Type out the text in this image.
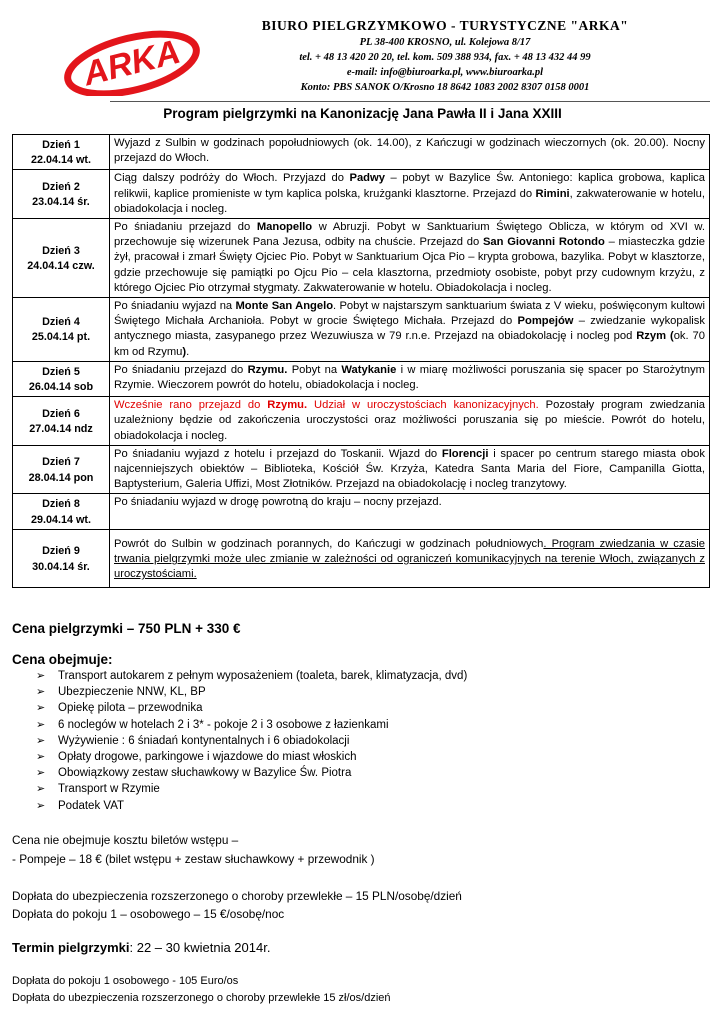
ARKA
BIURO PIELGRZYMKOWO - TURYSTYCZNE "ARKA"
PL 38-400 KROSNO, ul. Kolejowa 8/17
tel. + 48 13 420 20 20, tel. kom. 509 388 934, fax. + 48 13 432 44 99
e-mail: info@biuroarka.pl, www.biuroarka.pl
Konto: PBS SANOK O/Krosno 18 8642 1083 2002 8307 0158 0001
Program pielgrzymki na Kanonizację Jana Pawła II i Jana XXIII
Dzień 1
22.04.14 wt.	Wyjazd z Sulbin w godzinach popołudniowych (ok. 14.00), z Kańczugi w godzinach wieczornych (ok. 20.00). Nocny przejazd do Włoch.

Dzień 2
23.04.14 śr.	Ciąg dalszy podróży do Włoch. Przyjazd do Padwy – pobyt w Bazylice Św. Antoniego: kaplica grobowa, kaplica relikwii, kaplice promieniste w tym kaplica polska, krużganki klasztorne. Przejazd do Rimini, zakwaterowanie w hotelu, obiadokolacja i nocleg.

Dzień 3
24.04.14 czw.	Po śniadaniu przejazd do Manopello w Abruzji. Pobyt w Sanktuarium Świętego Oblicza, w którym od XVI w. przechowuje się wizerunek Pana Jezusa, odbity na chuście. Przejazd do San Giovanni Rotondo – miasteczka gdzie żył, pracował i zmarł Święty Ojciec Pio. Pobyt w Sanktuarium Ojca Pio – krypta grobowa, bazylika. Pobyt w klasztorze, gdzie przechowuje się pamiątki po Ojcu Pio – cela klasztorna, przedmioty osobiste, pobyt przy cudownym krzyżu, z którego Ojciec Pio otrzymał stygmaty. Zakwaterowanie w hotelu. Obiadokolacja i nocleg.

Dzień 4
25.04.14 pt.	Po śniadaniu wyjazd na Monte San Angelo. Pobyt w najstarszym sanktuarium świata z V wieku, poświęconym kultowi Świętego Michała Archanioła. Pobyt w grocie Świętego Michała. Przejazd do Pompejów – zwiedzanie wykopalisk antycznego miasta, zasypanego przez Wezuwiusza w 79 r.n.e. Przejazd na obiadokolację i nocleg pod Rzym (ok. 70 km od Rzymu).

Dzień 5
26.04.14 sob	Po śniadaniu przejazd do Rzymu. Pobyt na Watykanie i w miarę możliwości poruszania się spacer po Starożytnym Rzymie. Wieczorem powrót do hotelu, obiadokolacja i nocleg.

Dzień 6
27.04.14 ndz	Wcześnie rano przejazd do Rzymu. Udział w uroczystościach kanonizacyjnych. Pozostały program zwiedzania uzależniony będzie od zakończenia uroczystości oraz możliwości poruszania się po mieście. Powrót do hotelu, obiadokolacja i nocleg.

Dzień 7
28.04.14 pon	Po śniadaniu wyjazd z hotelu i przejazd do Toskanii. Wjazd do Florencji i spacer po centrum starego miasta obok najcenniejszych obiektów – Biblioteka, Kościół Św. Krzyża, Katedra Santa Maria del Fiore, Campanilla Giotta, Baptysterium, Galeria Uffizi, Most Złotników. Przejazd na obiadokolację i nocleg tranzytowy.

Dzień 8
29.04.14 wt.	Po śniadaniu wyjazd w drogę powrotną do kraju – nocny przejazd.

Dzień 9
30.04.14 śr.	Powrót do Sulbin w godzinach porannych, do Kańczugi w godzinach południowych. Program zwiedzania w czasie trwania pielgrzymki może ulec zmianie w zależności od ograniczeń komunikacyjnych na terenie Włoch, związanych z uroczystościami.
Cena pielgrzymki – 750 PLN + 330 €
Cena obejmuje:
➢ Transport autokarem z pełnym wyposażeniem (toaleta, barek, klimatyzacja, dvd)
➢ Ubezpieczenie NNW, KL, BP
➢ Opiekę pilota – przewodnika
➢ 6 noclegów w hotelach 2 i 3* - pokoje 2 i 3 osobowe z łazienkami
➢ Wyżywienie : 6 śniadań kontynentalnych i 6 obiadokolacji
➢ Opłaty drogowe, parkingowe i wjazdowe do miast włoskich
➢ Obowiązkowy zestaw słuchawkowy w Bazylice Św. Piotra
➢ Transport w Rzymie
➢ Podatek VAT
Cena nie obejmuje kosztu biletów wstępu –
- Pompeje – 18 € (bilet wstępu + zestaw słuchawkowy + przewodnik )
Dopłata do ubezpieczenia rozszerzonego o choroby przewlekłe – 15 PLN/osobę/dzień
Dopłata do pokoju 1 – osobowego – 15 €/osobę/noc
Termin pielgrzymki: 22 – 30 kwietnia 2014r.
Dopłata do pokoju 1 osobowego - 105 Euro/os
Dopłata do ubezpieczenia rozszerzonego o choroby przewlekłe 15 zł/os/dzień
